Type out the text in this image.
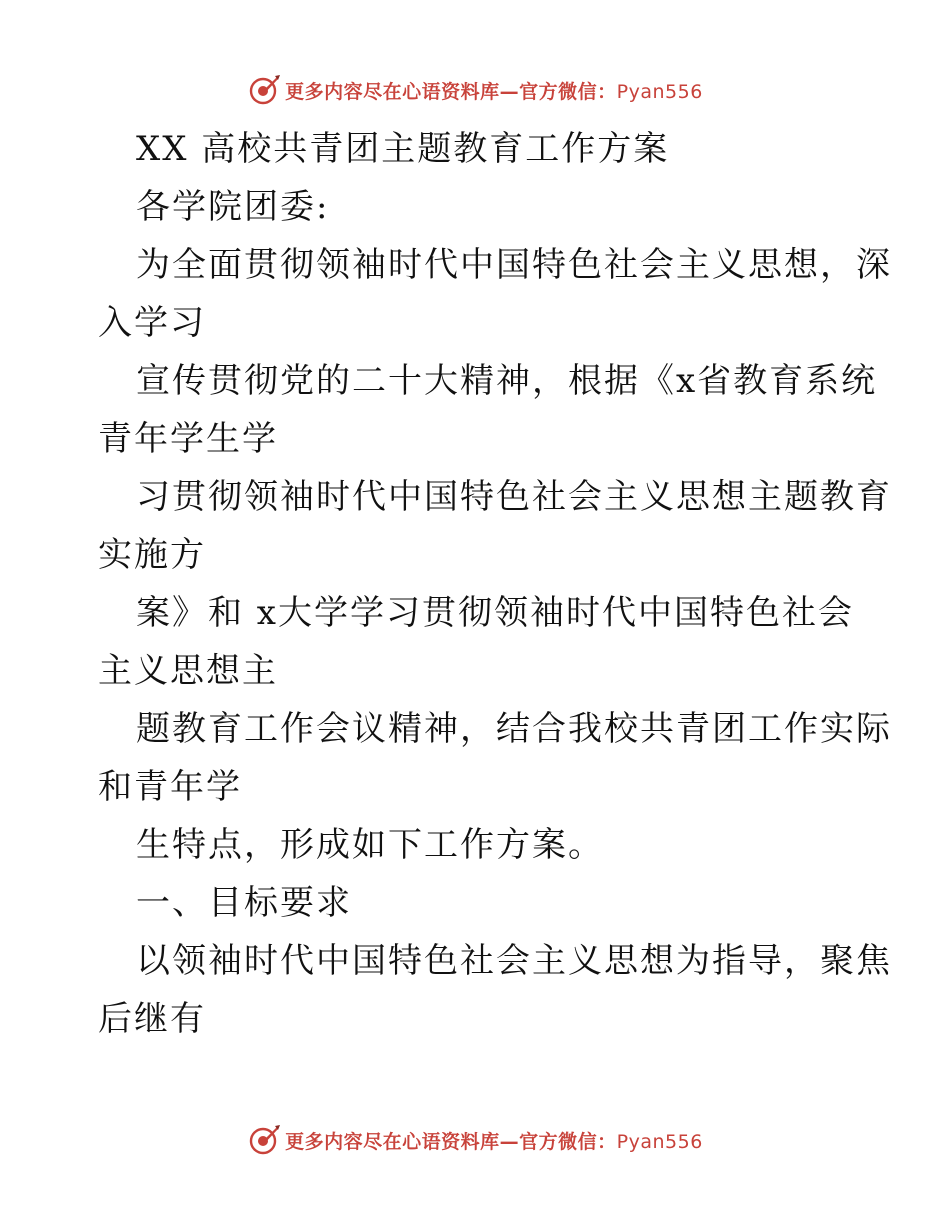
更多内容尽在心语资料库—官方微信：Pyan556

XX 高校共青团主题教育工作方案

各学院团委:

为全面贯彻领袖时代中国特色社会主义思想，深

入学习

宣传贯彻党的二十大精神，根据《x省教育系统

青年学生学

习贯彻领袖时代中国特色社会主义思想主题教育

实施方

案》和 x大学学习贯彻领袖时代中国特色社会

主义思想主

题教育工作会议精神，结合我校共青团工作实际

和青年学

生特点，形成如下工作方案。

一、目标要求

以领袖时代中国特色社会主义思想为指导，聚焦

后继有

更多内容尽在心语资料库—官方微信：Pyan556
